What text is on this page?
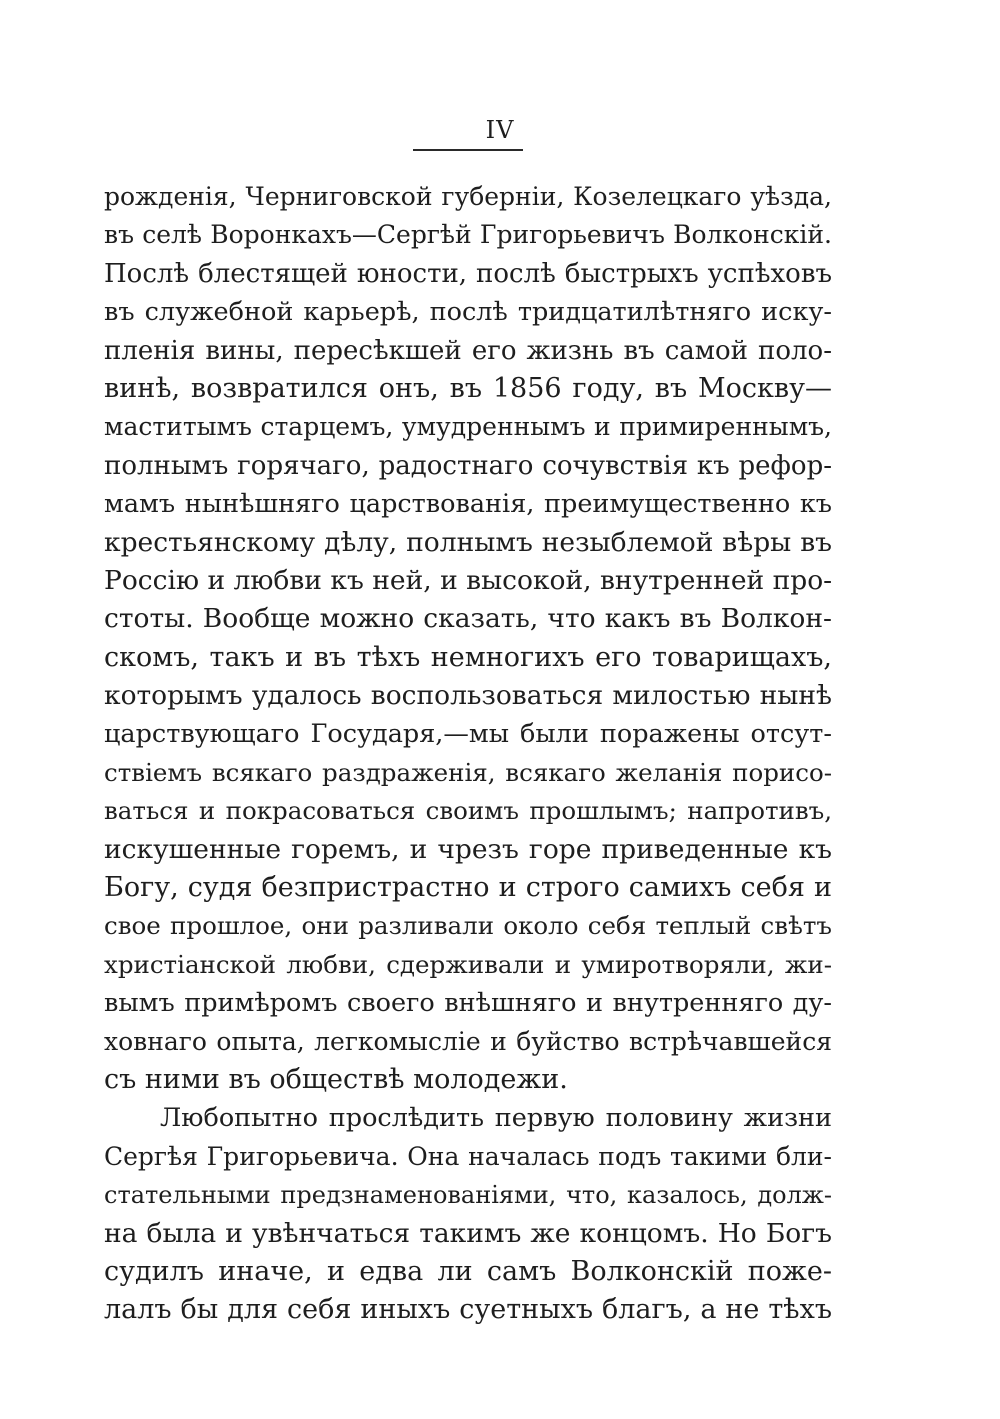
IV
рожденія, Черниговской губерніи, Козелецкаго уѣзда,
въ селѣ Воронкахъ—Сергѣй Григорьевичъ Волконскій.
Послѣ блестящей юности, послѣ быстрыхъ успѣховъ
въ служебной карьерѣ, послѣ тридцатилѣтняго иску-
пленія вины, пересѣкшей его жизнь въ самой поло-
винѣ, возвратился онъ, въ 1856 году, въ Москву—
маститымъ старцемъ, умудреннымъ и примиреннымъ,
полнымъ горячаго, радостнаго сочувствія къ рефор-
мамъ нынѣшняго царствованія, преимущественно къ
крестьянскому дѣлу, полнымъ незыблемой вѣры въ
Россію и любви къ ней, и высокой, внутренней про-
стоты. Вообще можно сказать, что какъ въ Волкон-
скомъ, такъ и въ тѣхъ немногихъ его товарищахъ,
которымъ удалось воспользоваться милостью нынѣ
царствующаго Государя,—мы были поражены отсут-
ствіемъ всякаго раздраженія, всякаго желанія порисо-
ваться и покрасоваться своимъ прошлымъ; напротивъ,
искушенные горемъ, и чрезъ горе приведенные къ
Богу, судя безпристрастно и строго самихъ себя и
свое прошлое, они разливали около себя теплый свѣтъ
христіанской любви, сдерживали и умиротворяли, жи-
вымъ примѣромъ своего внѣшняго и внутренняго ду-
ховнаго опыта, легкомысліе и буйство встрѣчавшейся
съ ними въ обществѣ молодежи.
Любопытно прослѣдить первую половину жизни
Сергѣя Григорьевича. Она началась подъ такими бли-
стательными предзнаменованіями, что, казалось, долж-
на была и увѣнчаться такимъ же концомъ. Но Богъ
судилъ иначе, и едва ли самъ Волконскій поже-
лалъ бы для себя иныхъ суетныхъ благъ, а не тѣхъ
